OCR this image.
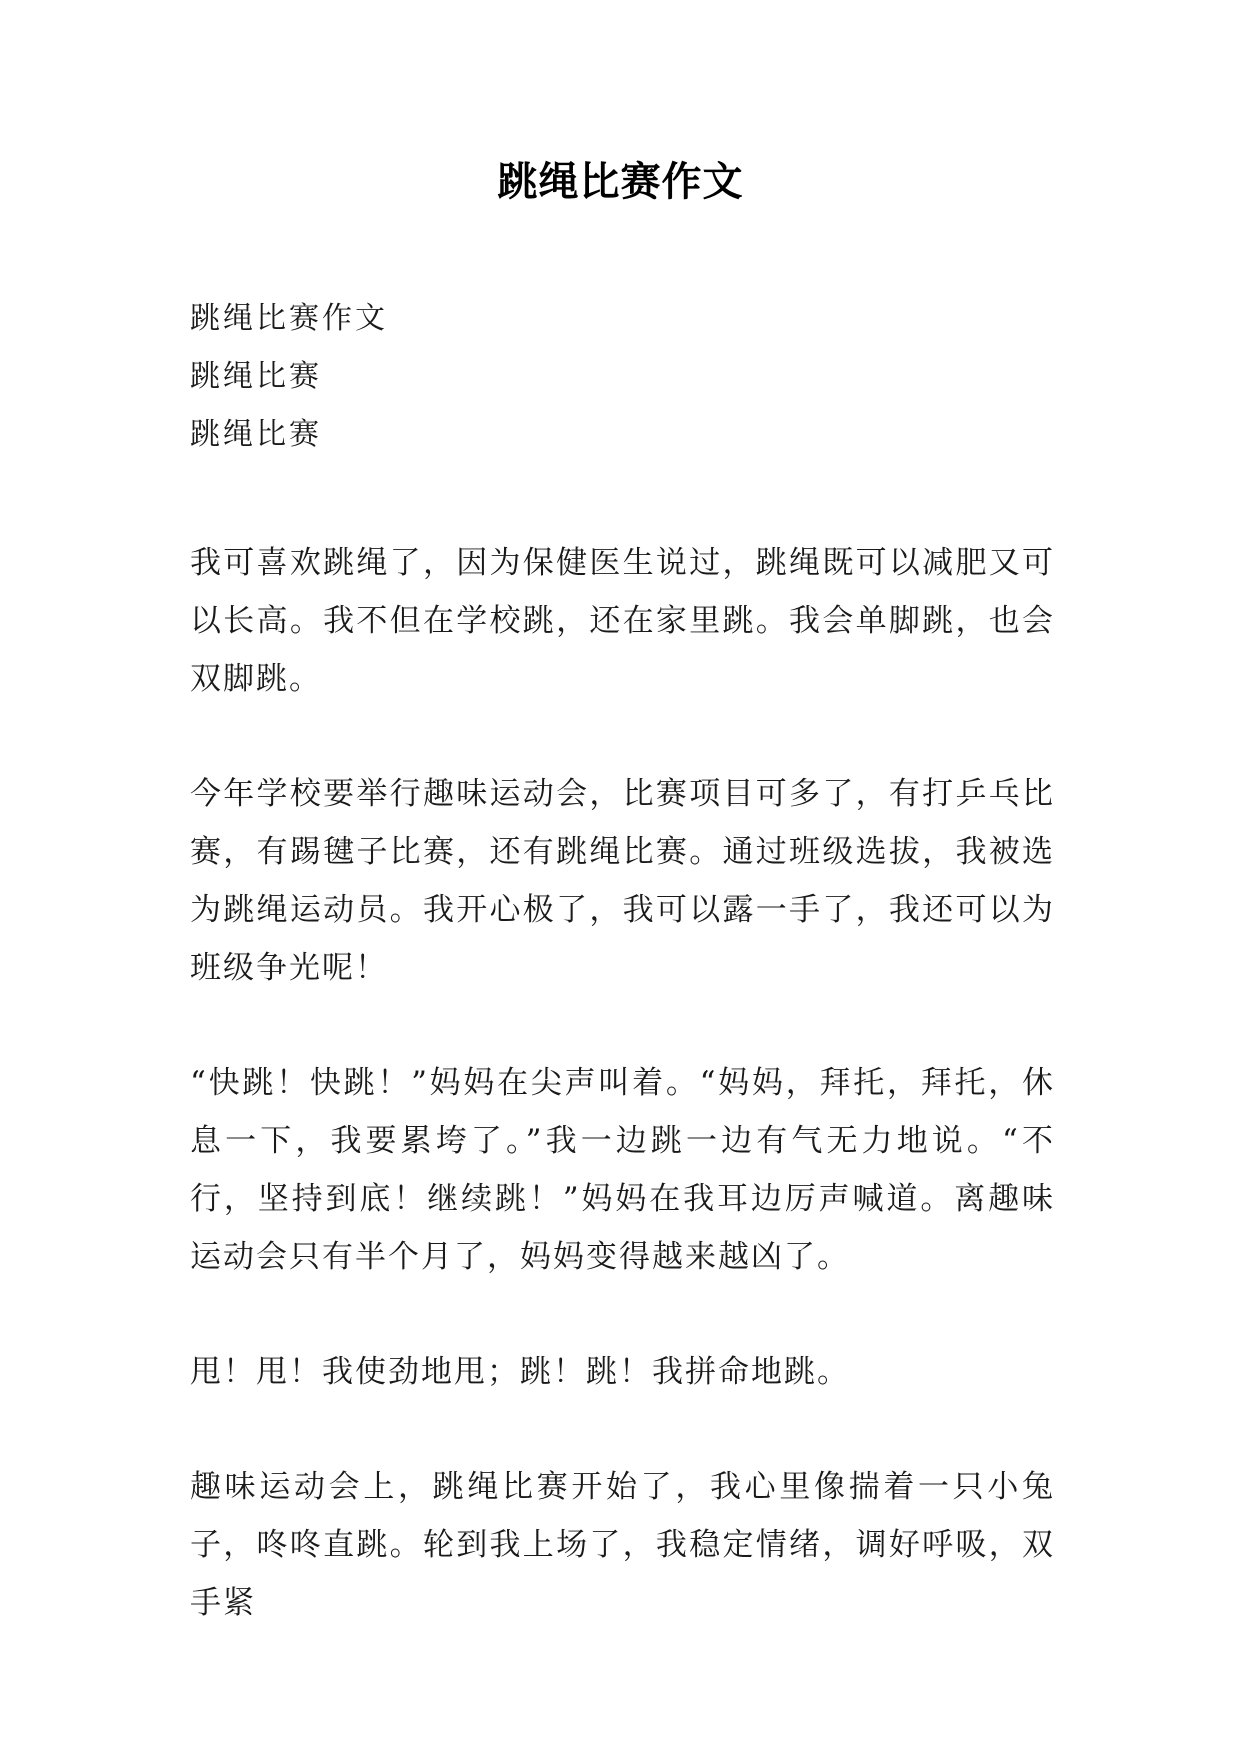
跳绳比赛作文

跳绳比赛作文

跳绳比赛

跳绳比赛

我可喜欢跳绳了，因为保健医生说过，跳绳既可以减肥又可以长高。我不但在学校跳，还在家里跳。我会单脚跳，也会双脚跳。

今年学校要举行趣味运动会，比赛项目可多了，有打乒乓比赛，有踢毽子比赛，还有跳绳比赛。通过班级选拔，我被选为跳绳运动员。我开心极了，我可以露一手了，我还可以为班级争光呢！

“快跳！快跳！”妈妈在尖声叫着。“妈妈，拜托，拜托，休息一下，我要累垮了。”我一边跳一边有气无力地说。“不行，坚持到底！继续跳！”妈妈在我耳边厉声喊道。离趣味运动会只有半个月了，妈妈变得越来越凶了。

甩！甩！我使劲地甩；跳！跳！我拼命地跳。

趣味运动会上，跳绳比赛开始了，我心里像揣着一只小兔子，咚咚直跳。轮到我上场了，我稳定情绪，调好呼吸，双手紧
